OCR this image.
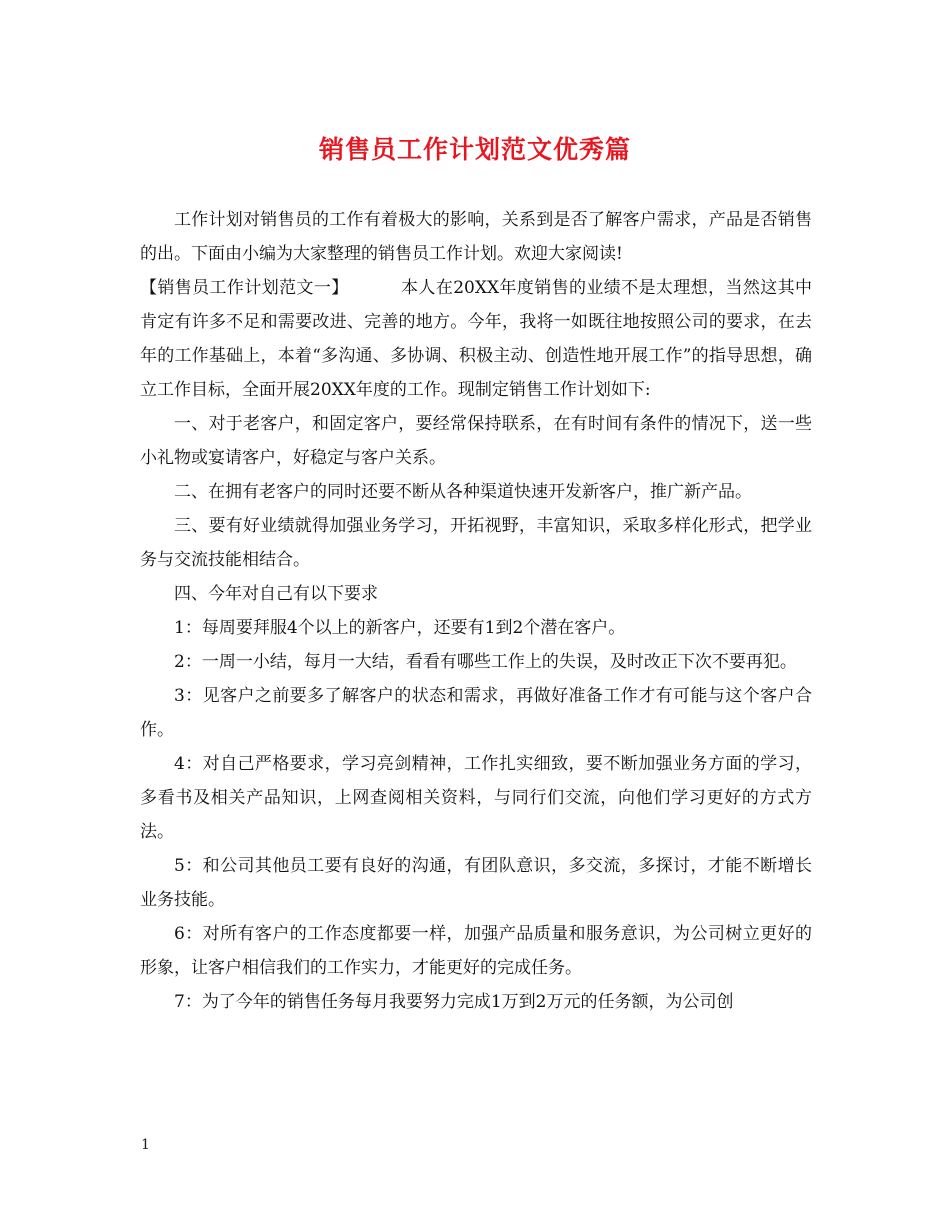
销售员工作计划范文优秀篇

工作计划对销售员的工作有着极大的影响，关系到是否了解客户需求，产品是否销售的出。下面由小编为大家整理的销售员工作计划。欢迎大家阅读!

【销售员工作计划范文一】	本人在20XX年度销售的业绩不是太理想，当然这其中肯定有许多不足和需要改进、完善的地方。今年，我将一如既往地按照公司的要求，在去年的工作基础上，本着“多沟通、多协调、积极主动、创造性地开展工作”的指导思想，确立工作目标，全面开展20XX年度的工作。现制定销售工作计划如下:

一、对于老客户，和固定客户，要经常保持联系，在有时间有条件的情况下，送一些小礼物或宴请客户，好稳定与客户关系。

二、在拥有老客户的同时还要不断从各种渠道快速开发新客户，推广新产品。

三、要有好业绩就得加强业务学习，开拓视野，丰富知识，采取多样化形式，把学业务与交流技能相结合。

四、今年对自己有以下要求

1：每周要拜服4个以上的新客户，还要有1到2个潜在客户。

2：一周一小结，每月一大结，看看有哪些工作上的失误，及时改正下次不要再犯。

3：见客户之前要多了解客户的状态和需求，再做好准备工作才有可能与这个客户合作。

4：对自己严格要求，学习亮剑精神，工作扎实细致，要不断加强业务方面的学习，多看书及相关产品知识，上网查阅相关资料，与同行们交流，向他们学习更好的方式方法。

5：和公司其他员工要有良好的沟通，有团队意识，多交流，多探讨，才能不断增长业务技能。

6：对所有客户的工作态度都要一样，加强产品质量和服务意识，为公司树立更好的形象，让客户相信我们的工作实力，才能更好的完成任务。

7：为了今年的销售任务每月我要努力完成1万到2万元的任务额，为公司创

1
